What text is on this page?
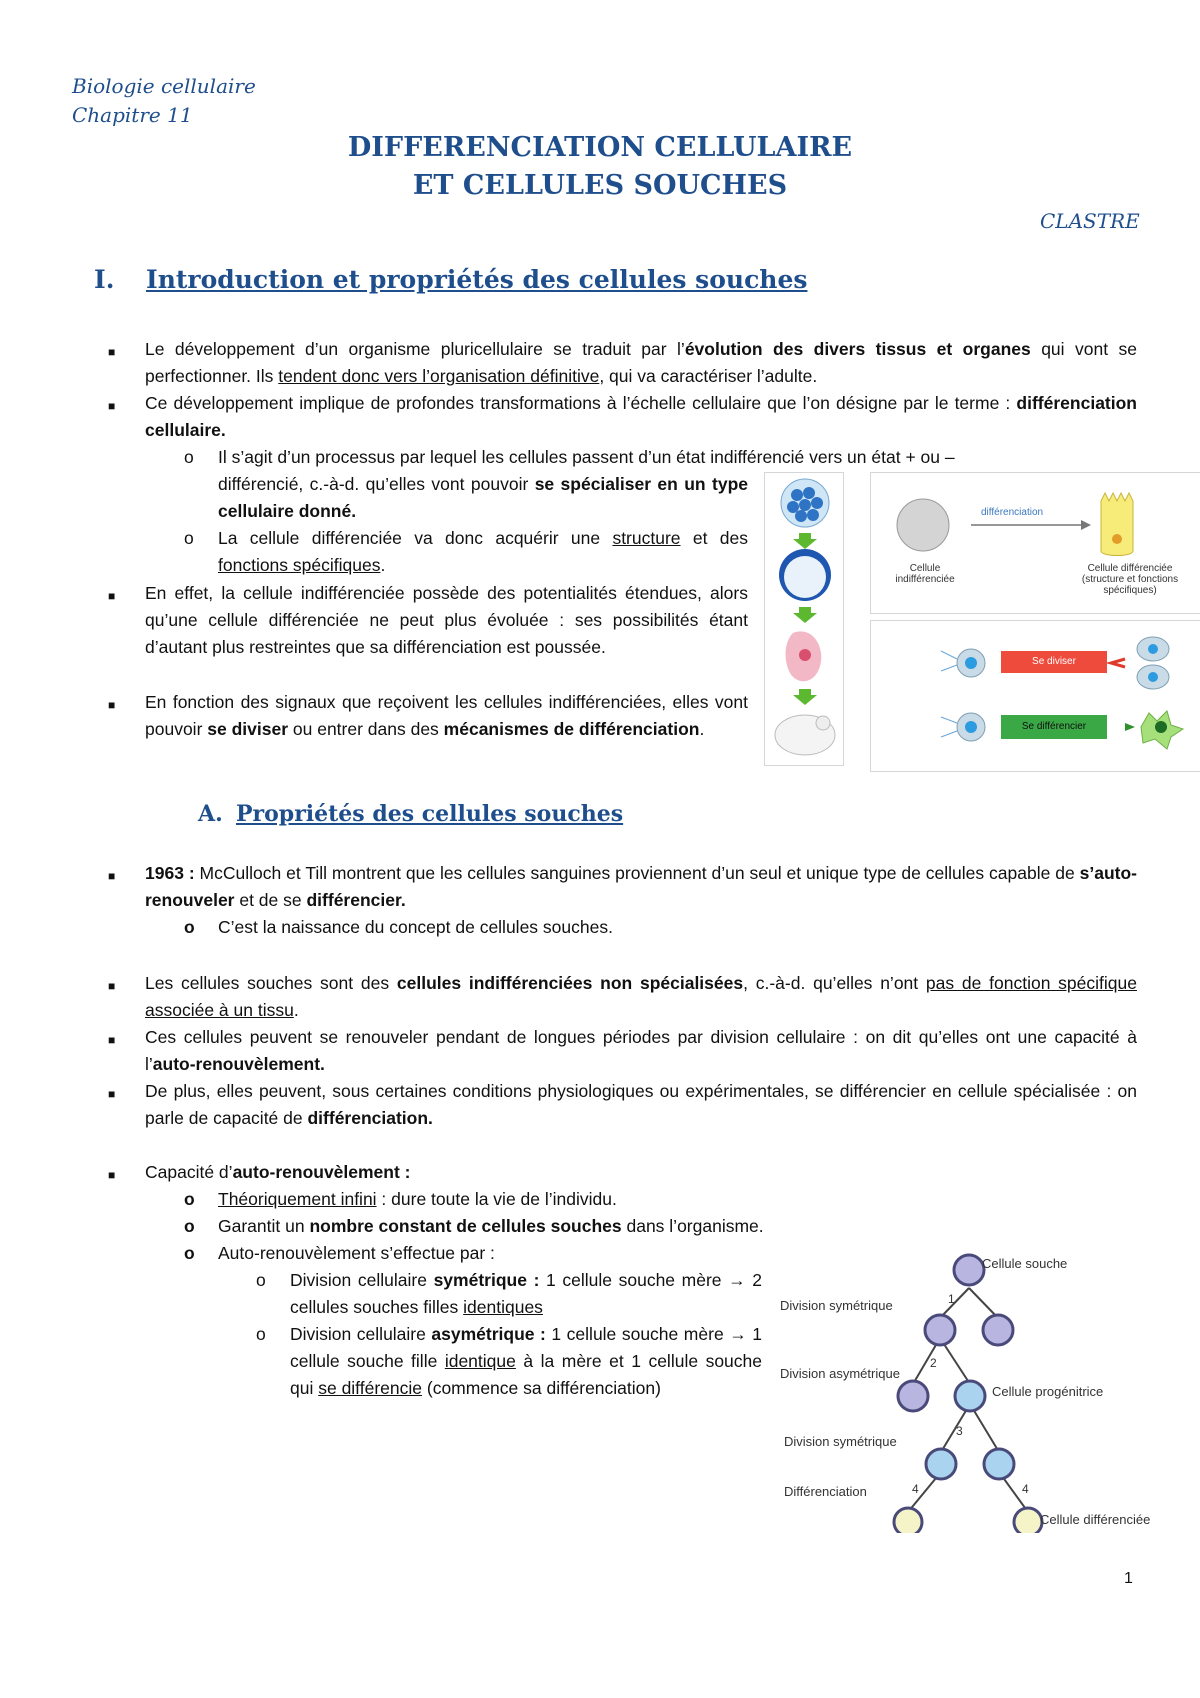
Biologie cellulaire
Chapitre 11
DIFFERENCIATION CELLULAIRE
ET CELLULES SOUCHES
CLASTRE
I. Introduction et propriétés des cellules souches
■ Le développement d’un organisme pluricellulaire se traduit par l’évolution des divers tissus et organes qui vont se perfectionner. Ils tendent donc vers l’organisation définitive, qui va caractériser l’adulte.
■ Ce développement implique de profondes transformations à l’échelle cellulaire que l’on désigne par le terme : différenciation cellulaire.
o Il s’agit d’un processus par lequel les cellules passent d’un état indifférencié vers un état + ou –
différencié, c.-à-d. qu’elles vont pouvoir se spécialiser en un type cellulaire donné.
o La cellule différenciée va donc acquérir une structure et des fonctions spécifiques.
■ En effet, la cellule indifférenciée possède des potentialités étendues, alors qu’une cellule différenciée ne peut plus évoluée : ses possibilités étant d’autant plus restreintes que sa différenciation est poussée.
■ En fonction des signaux que reçoivent les cellules indifférenciées, elles vont pouvoir se diviser ou entrer dans des mécanismes de différenciation.
différenciation
Cellule indifférenciée
Cellule différenciée (structure et fonctions spécifiques)
Se diviser
Se différencier
A. Propriétés des cellules souches
■ 1963 : McCulloch et Till montrent que les cellules sanguines proviennent d’un seul et unique type de cellules capable de s’auto-renouveler et de se différencier.
o C’est la naissance du concept de cellules souches.
■ Les cellules souches sont des cellules indifférenciées non spécialisées, c.-à-d. qu’elles n’ont pas de fonction spécifique associée à un tissu.
■ Ces cellules peuvent se renouveler pendant de longues périodes par division cellulaire : on dit qu’elles ont une capacité à l’auto-renouvèlement.
■ De plus, elles peuvent, sous certaines conditions physiologiques ou expérimentales, se différencier en cellule spécialisée : on parle de capacité de différenciation.
■ Capacité d’auto-renouvèlement :
o Théoriquement infini : dure toute la vie de l’individu.
o Garantit un nombre constant de cellules souches dans l’organisme.
o Auto-renouvèlement s’effectue par :
o Division cellulaire symétrique : 1 cellule souche mère → 2 cellules souches filles identiques
o Division cellulaire asymétrique : 1 cellule souche mère → 1 cellule souche fille identique à la mère et 1 cellule souche qui se différencie (commence sa différenciation)
Cellule souche
Division symétrique
Division asymétrique
Division symétrique
Différenciation
Cellule progénitrice
Cellule différenciée
1
2
3
4	4
1
